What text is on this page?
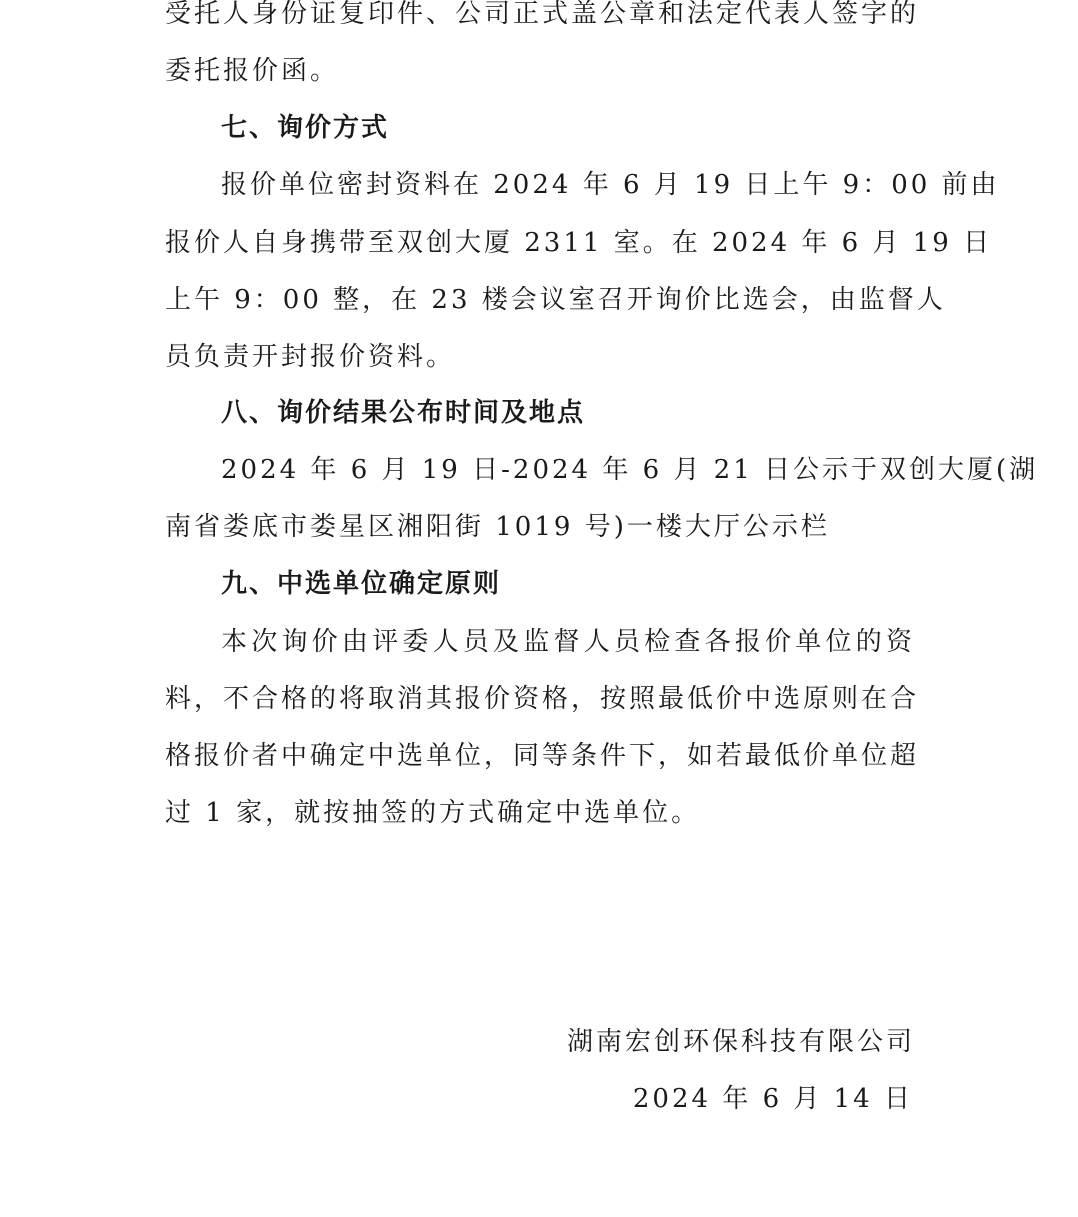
受托人身份证复印件、公司正式盖公章和法定代表人签字的
委托报价函。
七、询价方式
报价单位密封资料在 2024 年 6 月 19 日上午 9：00 前由
报价人自身携带至双创大厦 2311 室。在 2024 年 6 月 19 日
上午 9：00 整，在 23 楼会议室召开询价比选会，由监督人
员负责开封报价资料。
八、询价结果公布时间及地点
2024 年 6 月 19 日-2024 年 6 月 21 日公示于双创大厦(湖
南省娄底市娄星区湘阳街 1019 号)一楼大厅公示栏
九、中选单位确定原则
本次询价由评委人员及监督人员检查各报价单位的资
料，不合格的将取消其报价资格，按照最低价中选原则在合
格报价者中确定中选单位，同等条件下，如若最低价单位超
过 1 家，就按抽签的方式确定中选单位。
湖南宏创环保科技有限公司
2024 年 6 月 14 日
